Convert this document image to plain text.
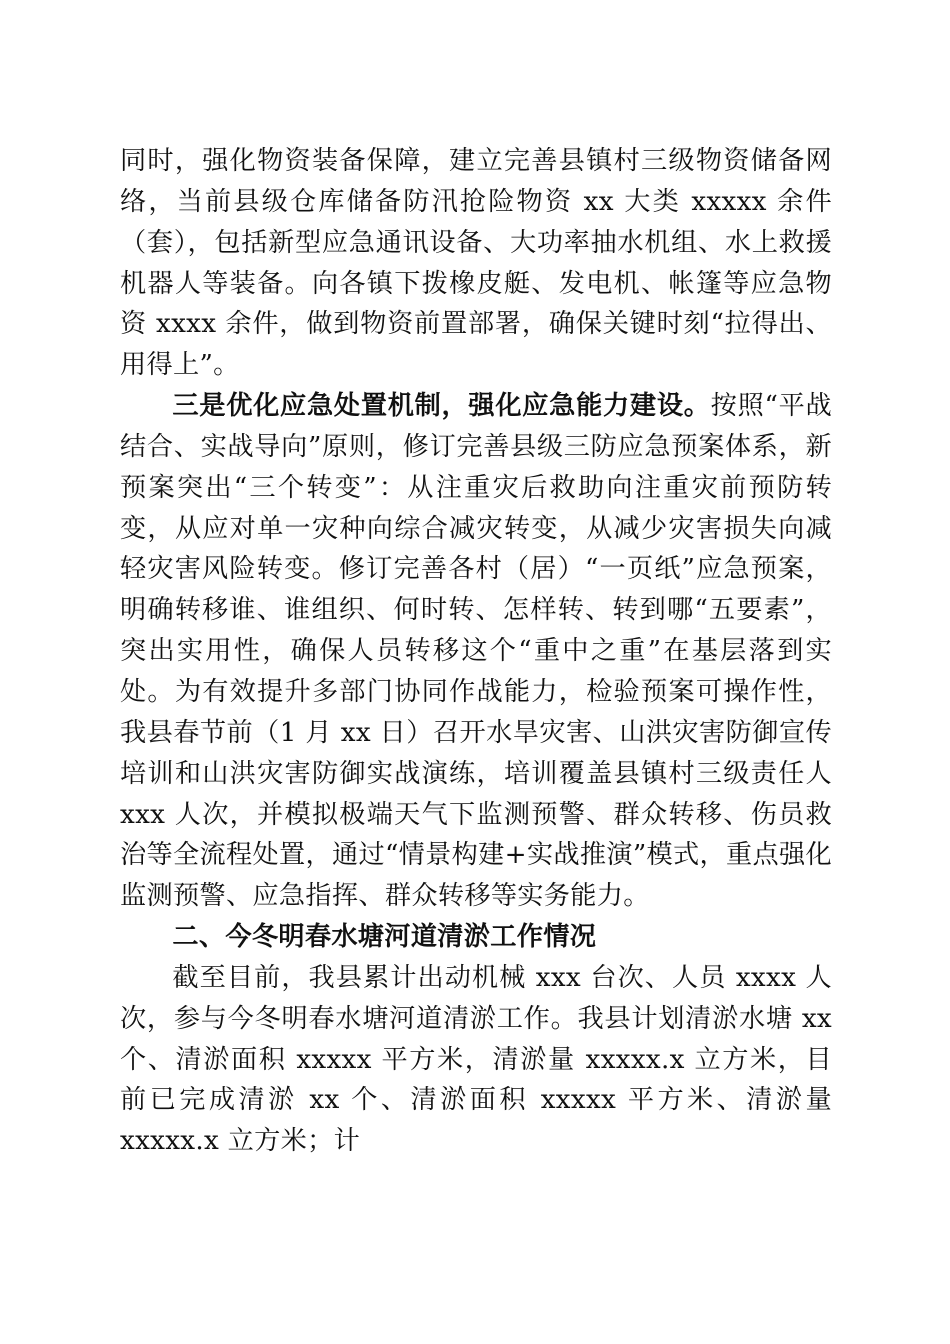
同时，强化物资装备保障，建立完善县镇村三级物资储备网络，当前县级仓库储备防汛抢险物资 xx 大类 xxxxx 余件（套），包括新型应急通讯设备、大功率抽水机组、水上救援机器人等装备。向各镇下拨橡皮艇、发电机、帐篷等应急物资 xxxx 余件，做到物资前置部署，确保关键时刻“拉得出、用得上”。

三是优化应急处置机制，强化应急能力建设。按照“平战结合、实战导向”原则，修订完善县级三防应急预案体系，新预案突出“三个转变”：从注重灾后救助向注重灾前预防转变，从应对单一灾种向综合减灾转变，从减少灾害损失向减轻灾害风险转变。修订完善各村（居）“一页纸”应急预案，明确转移谁、谁组织、何时转、怎样转、转到哪“五要素”，突出实用性，确保人员转移这个“重中之重”在基层落到实处。为有效提升多部门协同作战能力，检验预案可操作性，我县春节前（1 月 xx 日）召开水旱灾害、山洪灾害防御宣传培训和山洪灾害防御实战演练，培训覆盖县镇村三级责任人 xxx 人次，并模拟极端天气下监测预警、群众转移、伤员救治等全流程处置，通过“情景构建+实战推演”模式，重点强化监测预警、应急指挥、群众转移等实务能力。

二、今冬明春水塘河道清淤工作情况

截至目前，我县累计出动机械 xxx 台次、人员 xxxx 人次，参与今冬明春水塘河道清淤工作。我县计划清淤水塘 xx 个、清淤面积 xxxxx 平方米，清淤量 xxxxx.x 立方米，目前已完成清淤 xx 个、清淤面积 xxxxx 平方米、清淤量 xxxxx.x 立方米；计
